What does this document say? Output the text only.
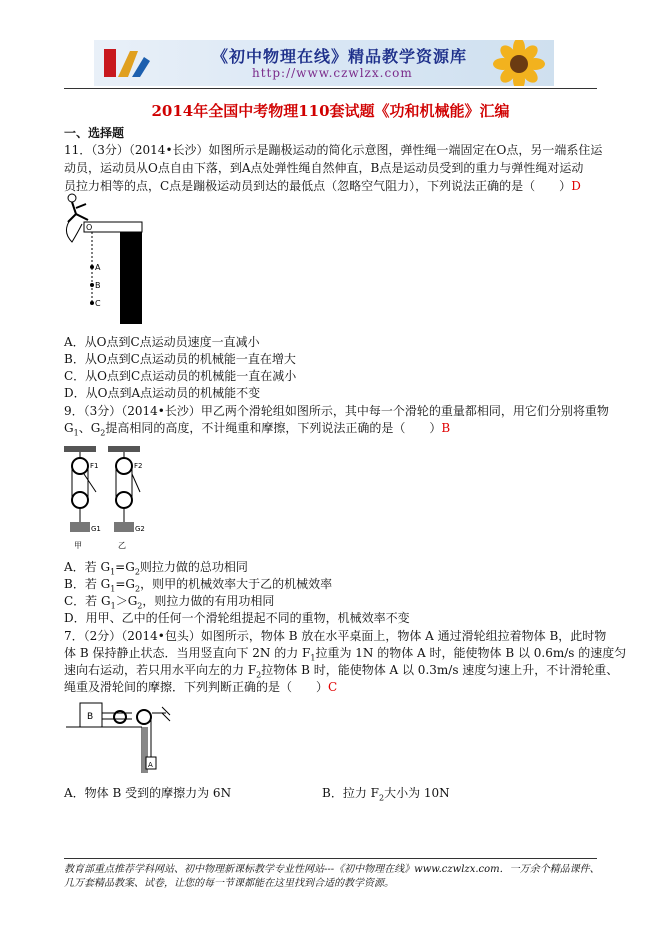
《初中物理在线》精品教学资源库
http://www.czwlzx.com
2014年全国中考物理110套试题《功和机械能》汇编
一、选择题
11．（3分）（2014•长沙）如图所示是蹦极运动的简化示意图，弹性绳一端固定在O点，另一端系住运
动员，运动员从O点自由下落，到A点处弹性绳自然伸直，B点是运动员受到的重力与弹性绳对运动
员拉力相等的点，C点是蹦极运动员到达的最低点（忽略空气阻力），下列说法正确的是（　　）D
O
A
B
C
A．从O点到C点运动员速度一直减小
B．从O点到C点运动员的机械能一直在增大
C．从O点到C点运动员的机械能一直在减小
D．从O点到A点运动员的机械能不变
9．（3分）（2014•长沙）甲乙两个滑轮组如图所示，其中每一个滑轮的重量都相同，用它们分别将重物
$G_1$、$G_2$提高相同的高度，不计绳重和摩擦，下列说法正确的是（　　）B
F1	F2
G1	G2
甲	乙
A．若 $G_1=G_2$则拉力做的总功相同
B．若 $G_1=G_2$，则甲的机械效率大于乙的机械效率
C．若 $G_1>G_2$，则拉力做的有用功相同
D．用甲、乙中的任何一个滑轮组提起不同的重物，机械效率不变
7．（2分）（2014•包头）如图所示，物体 B 放在水平桌面上，物体 A 通过滑轮组拉着物体 B，此时物
体 B 保持静止状态．当用竖直向下 2N 的力 $F_1$拉重为 1N 的物体 A 时，能使物体 B 以 0.6m/s 的速度匀
速向右运动，若只用水平向左的力 $F_2$拉物体 B 时，能使物体 A 以 0.3m/s 速度匀速上升，不计滑轮重、
绳重及滑轮间的摩擦．下列判断正确的是（　　）C
B
A
A．物体 B 受到的摩擦力为 6N	B．拉力 $F_2$大小为 10N
教育部重点推荐学科网站、初中物理新课标教学专业性网站---《初中物理在线》www.czwlzx.com．一万余个精品课件、
几万套精品教案、试卷，让您的每一节课都能在这里找到合适的教学资源。
